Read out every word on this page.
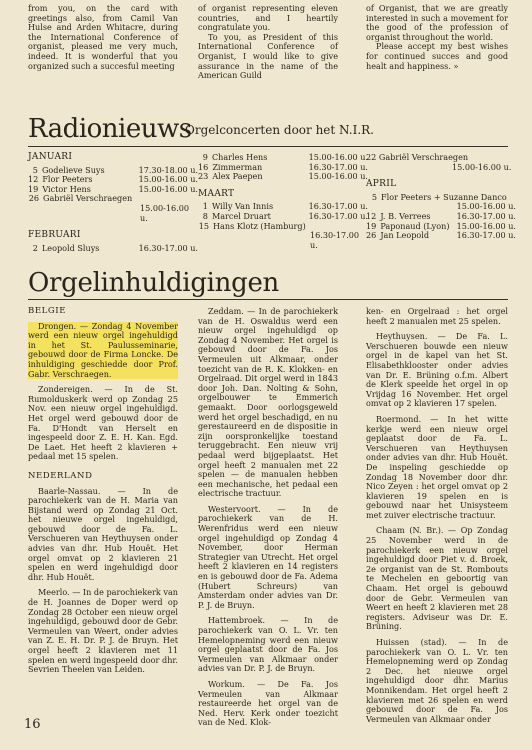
from you, on the card with greetings also, from Camil Van Hulse and Arden Whitacre, during the International Conference of organist, pleased me very much, indeed. It is wonderful that you organized such a succesful meeting

of organist representing eleven countries, and I heartily congratulate you.

To you, as President of this International Conference of Organist, I would like to give assurance in the name of the American Guild

of Organist, that we are greatly interested in such a movement for the good of the profession of organist throughout the world.

Please accept my best wishes for continued succes and good healt and happiness. »

Radionieuws
Orgelconcerten door het N.I.R.
JANUARI
5 Godelieve Suys	17.30-18.00 u.
12 Flor Peeters	15.00-16.00 u.
19 Victor Hens	15.00-16.00 u.
26 Gabriël Verschraegen
15.00-16.00 u.
FEBRUARI
2 Leopold Sluys	16.30-17.00 u.
9 Charles Hens	15.00-16.00 u.
16 Zimmerman	16.30-17.00 u.
23 Alex Paepen	15.00-16.00 u.
MAART
1 Willy Van Innis	16.30-17.00 u.
8 Marcel Druart	16.30-17.00 u.
15 Hans Klotz (Hamburg)
16.30-17.00 u.
22 Gabriël Verschraegen
15.00-16.00 u.
APRIL
5 Flor Peeters + Suzanne Danco
15.00-16.00 u.
12 J. B. Verrees	16.30-17.00 u.
19 Paponaud (Lyon) 15.00-16.00 u.
26 Jan Leopold	16.30-17.00 u.
Orgelinhuldigingen
BELGIE

Drongen. — Zondag 4 November werd een nieuw orgel ingehuldigd in het St. Paulusseminarie, gebouwd door de Firma Loncke. De inhuldiging geschiedde door Prof. Gabr. Verschraegen.

Zondereigen. — In de St. Rumolduskerk werd op Zondag 25 Nov. een nieuw orgel ingehuldigd. Het orgel werd gebouwd door de Fa. D'Hondt van Herselt en ingespeeld door Z. E. H. Kan. Egd. De Laet. Het heeft 2 klavieren + pedaal met 15 spelen.

NEDERLAND

Baarle-Nassau. — In de parochiekerk van de H. Maria van Bijstand werd op Zondag 21 Oct. het nieuwe orgel ingehuldigd, gebouwd door de Fa. L. Verschueren van Heythuysen onder advies van dhr. Hub Houët. Het orgel omvat op 2 klavieren 21 spelen en werd ingehuldigd door dhr. Hub Houët.

Meerlo. — In de parochiekerk van de H. Joannes de Doper werd op Zondag 28 October een nieuw orgel ingehuldigd, gebouwd door de Gebr. Vermeulen van Weert, onder advies van Z. E. H. Dr. P. J. de Bruyn. Het orgel heeft 2 klavieren met 11 spelen en werd ingespeeld door dhr. Sevrien Theelen van Leiden.

Zeddam. — In de parochiekerk van de H. Oswaldus werd een nieuw orgel ingehuldigd op Zondag 4 November. Het orgel is gebouwd door de Fa. Jos Vermeulen uit Alkmaar, onder toezicht van de R. K. Klokken- en Orgelraad. Dit orgel werd in 1843 door Joh. Dan. Nolting & Sohn, orgelbouwer te Emmerich gemaakt. Door oorlogsgeweld werd het orgel beschadigd, en nu gerestaureerd en de dispositie in zijn oorspronkelijke toestand teruggebracht. Een nieuw vrij pedaal werd bijgeplaatst. Het orgel heeft 2 manualen met 22 spelen — de manualen hebben een mechanische, het pedaal een electrische tractuur.

Westervoort. — In de parochiekerk van de H. Werenfridus werd een nieuw orgel ingehuldigd op Zondag 4 November, door Herman Strategier van Utrecht. Het orgel heeft 2 klavieren en 14 registers en is gebouwd door de Fa. Adema (Hubert Schreurs) van Amsterdam onder advies van Dr. P. J. de Bruyn.

Hattembroek. — In de parochiekerk van O. L. Vr. ten Hemelopneming werd een nieuw orgel geplaatst door de Fa. Jos Vermeulen van Alkmaar onder advies van Dr. P. J. de Bruyn.

Workum. — De Fa. Jos Vermeulen van Alkmaar restaureerde het orgel van de Ned. Herv. Kerk onder toezicht van de Ned. Klok-

ken- en Orgelraad : het orgel heeft 2 manualen met 25 spelen.

Heythuysen. — De Fa. L. Verschueren bouwde een nieuw orgel in de kapel van het St. Elisabethklooster onder advies van Dr. E. Brüning o.f.m. Albert de Klerk speelde het orgel in op Vrijdag 16 November. Het orgel omvat op 2 klavieren 17 spelen.

Roermond. — In het witte kerkje werd een nieuw orgel geplaatst door de Fa. L. Verschueren van Heythuysen onder advies van dhr. Hub Houët. De inspeling geschiedde op Zondag 18 November door dhr. Nico Zeyen : het orgel omvat op 2 klavieren 19 spelen en is gebouwd naar het Unisysteem met zuiver electrische tractuur.

Chaam (N. Br.). — Op Zondag 25 November werd in de parochiekerk een nieuw orgel ingehuldigd door Piet v. d. Broek, 2e organist van de St. Rombouts te Mechelen en geboortig van Chaam. Het orgel is gebouwd door de Gebr. Vermeulen van Weert en heeft 2 klavieren met 28 registers. Adviseur was Dr. E. Brüning.

Huissen (stad). — In de parochiekerk van O. L. Vr. ten Hemelopneming werd op Zondag 2 Dec. het nieuwe orgel ingehuldigd door dhr. Marius Monnikendam. Het orgel heeft 2 klavieren met 26 spelen en werd gebouwd door de Fa. Jos Vermeulen van Alkmaar onder

16
